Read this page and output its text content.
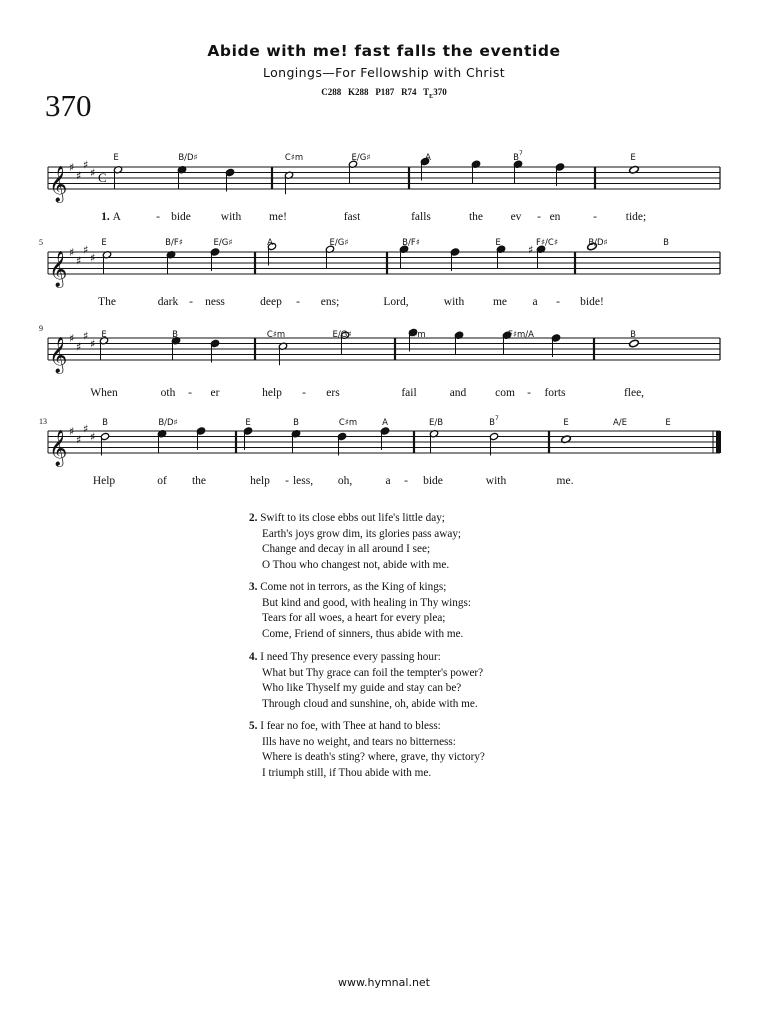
Abide with me! fast falls the eventide
Longings—For Fellowship with Christ
C288 K288 P187 R74 $T_E370$
370
𝄞 ♯
♯
♯
♯ C
E	B/D♯	C♯m	E/G♯	A	$B^7$	E
1. A	- bide	with me!	fast	falls	the ev - en	-	tide;
𝄞 ♯
♯
♯
♯
5
♯
E	B/F♯	E/G♯	A	E/G♯	B/F♯	E	F♯/C♯	B/D♯	B
The	dark - ness	deep - ens;	Lord,	with me a - bide!
𝄞 ♯
♯
♯
♯
9
E	B	C♯m	E/G♯	F♯m	F♯m/A	B
When	oth - er	help - ers	fail	and	com - forts	flee,
𝄞 ♯
♯
♯
♯
13	B	B/D♯	E	B	C♯m	A	E/B	$B^7$	E	A/E	E
Help	of the	help - less, oh,	a - bide	with	me.
2. Swift to its close ebbs out life's little day;
Earth's joys grow dim, its glories pass away;
Change and decay in all around I see;
O Thou who changest not, abide with me.
3. Come not in terrors, as the King of kings;
But kind and good, with healing in Thy wings:
Tears for all woes, a heart for every plea;
Come, Friend of sinners, thus abide with me.
4. I need Thy presence every passing hour:
What but Thy grace can foil the tempter's power?
Who like Thyself my guide and stay can be?
Through cloud and sunshine, oh, abide with me.
5. I fear no foe, with Thee at hand to bless:
Ills have no weight, and tears no bitterness:
Where is death's sting? where, grave, thy victory?
I triumph still, if Thou abide with me.
www.hymnal.net
